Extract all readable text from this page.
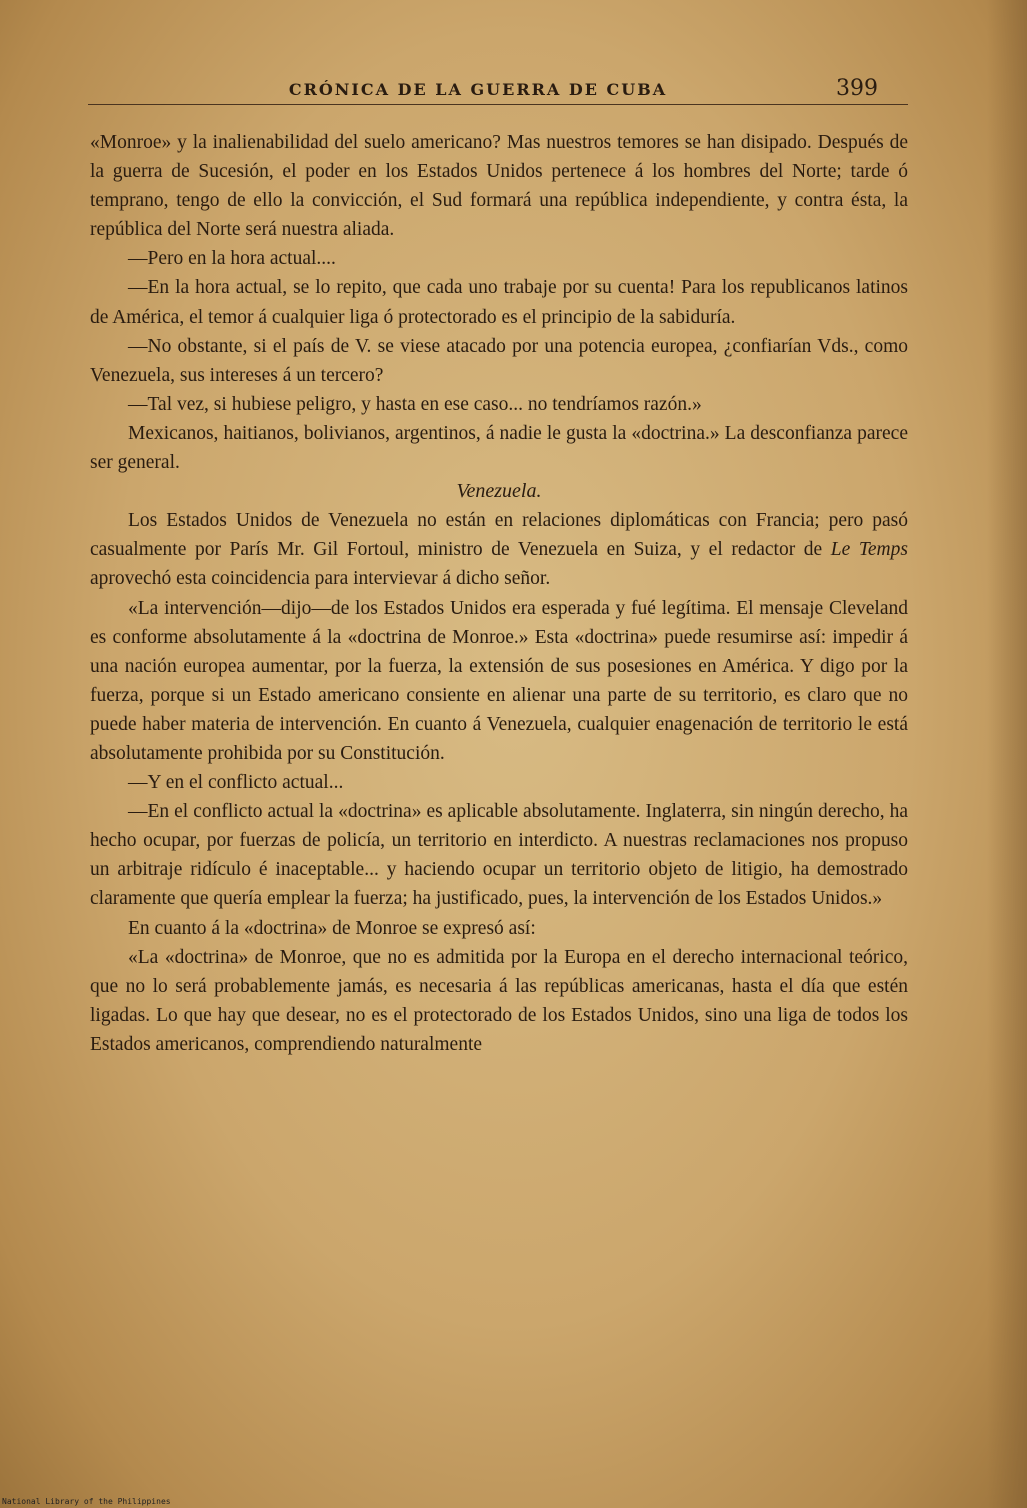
CRÓNICA DE LA GUERRA DE CUBA	399

«Monroe» y la inalienabilidad del suelo americano? Mas nuestros temores se han disipado. Después de la guerra de Sucesión, el poder en los Estados Unidos pertenece á los hombres del Norte; tarde ó temprano, tengo de ello la convicción, el Sud formará una república independiente, y contra ésta, la república del Norte será nuestra aliada.

—Pero en la hora actual....

—En la hora actual, se lo repito, que cada uno trabaje por su cuenta! Para los republicanos latinos de América, el temor á cualquier liga ó protectorado es el principio de la sabiduría.

—No obstante, si el país de V. se viese atacado por una potencia europea, ¿confiarían Vds., como Venezuela, sus intereses á un tercero?

—Tal vez, si hubiese peligro, y hasta en ese caso... no tendríamos razón.»

Mexicanos, haitianos, bolivianos, argentinos, á nadie le gusta la «doctrina.» La desconfianza parece ser general.

Venezuela.

Los Estados Unidos de Venezuela no están en relaciones diplomáticas con Francia; pero pasó casualmente por París Mr. Gil Fortoul, ministro de Venezuela en Suiza, y el redactor de Le Temps aprovechó esta coincidencia para intervievar á dicho señor.

«La intervención—dijo—de los Estados Unidos era esperada y fué legítima. El mensaje Cleveland es conforme absolutamente á la «doctrina de Monroe.» Esta «doctrina» puede resumirse así: impedir á una nación europea aumentar, por la fuerza, la extensión de sus posesiones en América. Y digo por la fuerza, porque si un Estado americano consiente en alienar una parte de su territorio, es claro que no puede haber materia de intervención. En cuanto á Venezuela, cualquier enagenación de territorio le está absolutamente prohibida por su Constitución.

—Y en el conflicto actual...

—En el conflicto actual la «doctrina» es aplicable absolutamente. Inglaterra, sin ningún derecho, ha hecho ocupar, por fuerzas de policía, un territorio en interdicto. A nuestras reclamaciones nos propuso un arbitraje ridículo é inaceptable... y haciendo ocupar un territorio objeto de litigio, ha demostrado claramente que quería emplear la fuerza; ha justificado, pues, la intervención de los Estados Unidos.»

En cuanto á la «doctrina» de Monroe se expresó así:

«La «doctrina» de Monroe, que no es admitida por la Europa en el derecho internacional teórico, que no lo será probablemente jamás, es necesaria á las repúblicas americanas, hasta el día que estén ligadas. Lo que hay que desear, no es el protectorado de los Estados Unidos, sino una liga de todos los Estados americanos, comprendiendo naturalmente

National Library of the Philippines
